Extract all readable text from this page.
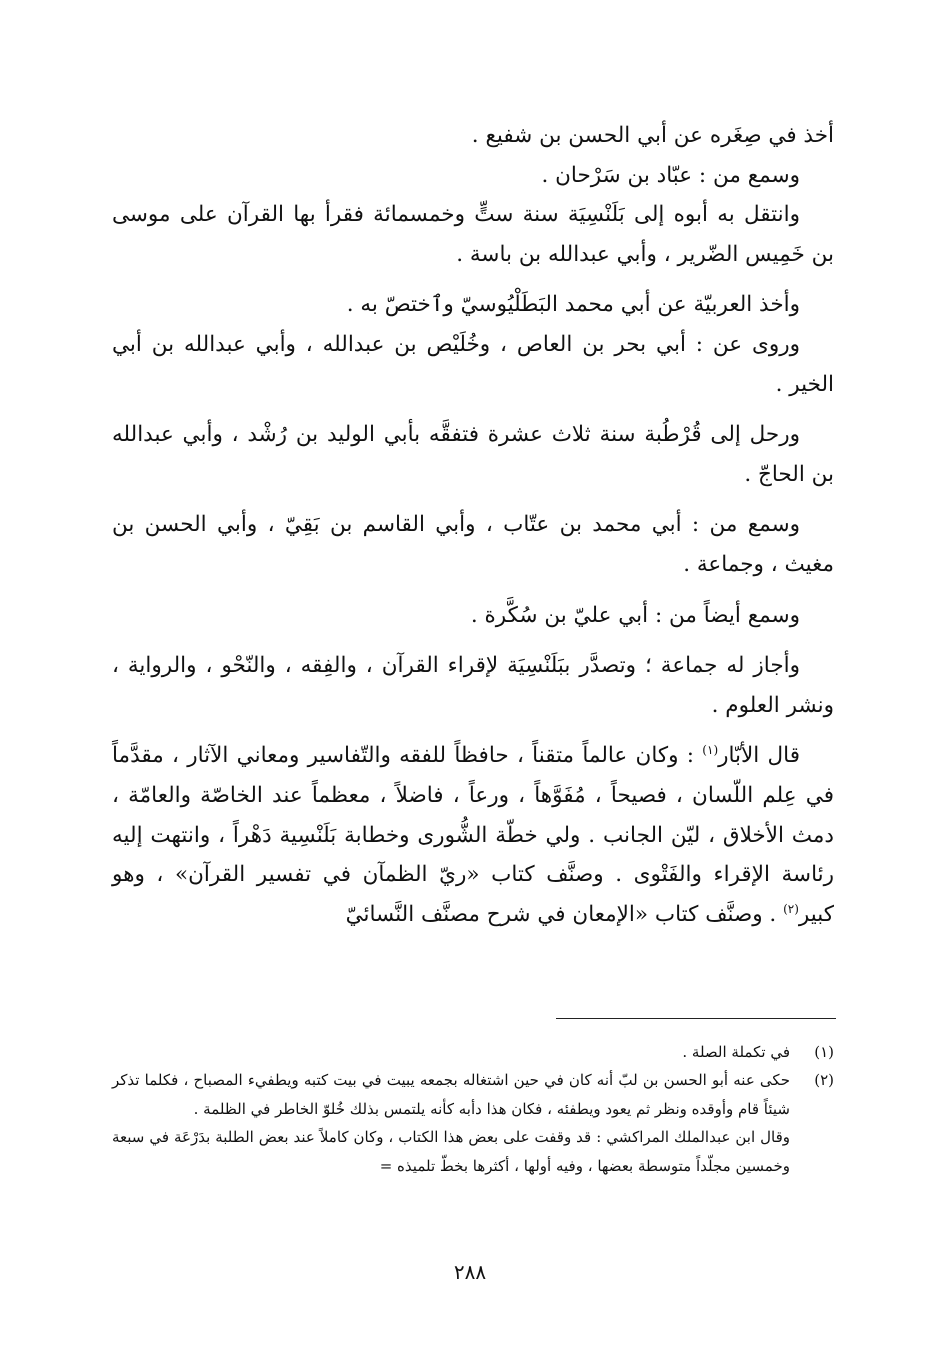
أخذ في صِغَره عن أبي الحسن بن شفيع .

وسمع من : عبّاد بن سَرْحان .

وانتقل به أبوه إلى بَلَنْسِيَة سنة ستٍّ وخمسمائة فقرأ بها القرآن على موسى بن خَمِيس الضّرير ، وأبي عبدالله بن باسة .

وأخذ العربيّة عن أبي محمد البَطَلْيُوسيّ وٱختصّ به .

وروى عن : أبي بحر بن العاص ، وخُلَيْص بن عبدالله ، وأبي عبدالله بن أبي الخير .

ورحل إلى قُرْطُبة سنة ثلاث عشرة فتفقَّه بأبي الوليد بن رُشْد ، وأبي عبدالله بن الحاجّ .

وسمع من : أبي محمد بن عتّاب ، وأبي القاسم بن بَقِيّ ، وأبي الحسن بن مغيث ، وجماعة .

وسمع أيضاً من : أبي عليّ بن سُكَّرة .

وأجاز له جماعة ؛ وتصدَّر ببَلَنْسِيَة لإقراء القرآن ، والفِقه ، والنّحْو ، والرواية ، ونشر العلوم .

قال الأبّار$^{(١)}$ : وكان عالماً متقناً ، حافظاً للفقه والتّفاسير ومعاني الآثار ، مقدَّماً في عِلم اللّسان ، فصيحاً ، مُفَوَّهاً ، ورعاً ، فاضلاً ، معظماً عند الخاصّة والعامّة ، دمث الأخلاق ، ليّن الجانب . ولي خطّة الشُّورى وخطابة بَلَنْسِية دَهْراً ، وانتهت إليه رئاسة الإقراء والفَتْوى . وصنَّف كتاب «ريّ الظمآن في تفسير القرآن» ، وهو كبير$^{(٢)}$ . وصنَّف كتاب «الإمعان في شرح مصنَّف النَّسائيّ

(١)
في تكملة الصلة .
(٢)
حكى عنه أبو الحسن بن لبّ أنه كان في حين اشتغاله بجمعه يبيت في بيت كتبه ويطفيء المصباح ، فكلما تذكر شيئاً قام وأوقده ونظر ثم يعود ويطفئه ، فكان هذا دأبه كأنه يلتمس بذلك خُلوّ الخاطر في الظلمة .
وقال ابن عبدالملك المراكشي : قد وقفت على بعض هذا الكتاب ، وكان كاملاً عند بعض الطلبة بدَرْعَة في سبعة وخمسين مجلّداً متوسطة بعضها ، وفيه أولها ، أكثرها بخطّ تلميذه =
٢٨٨
